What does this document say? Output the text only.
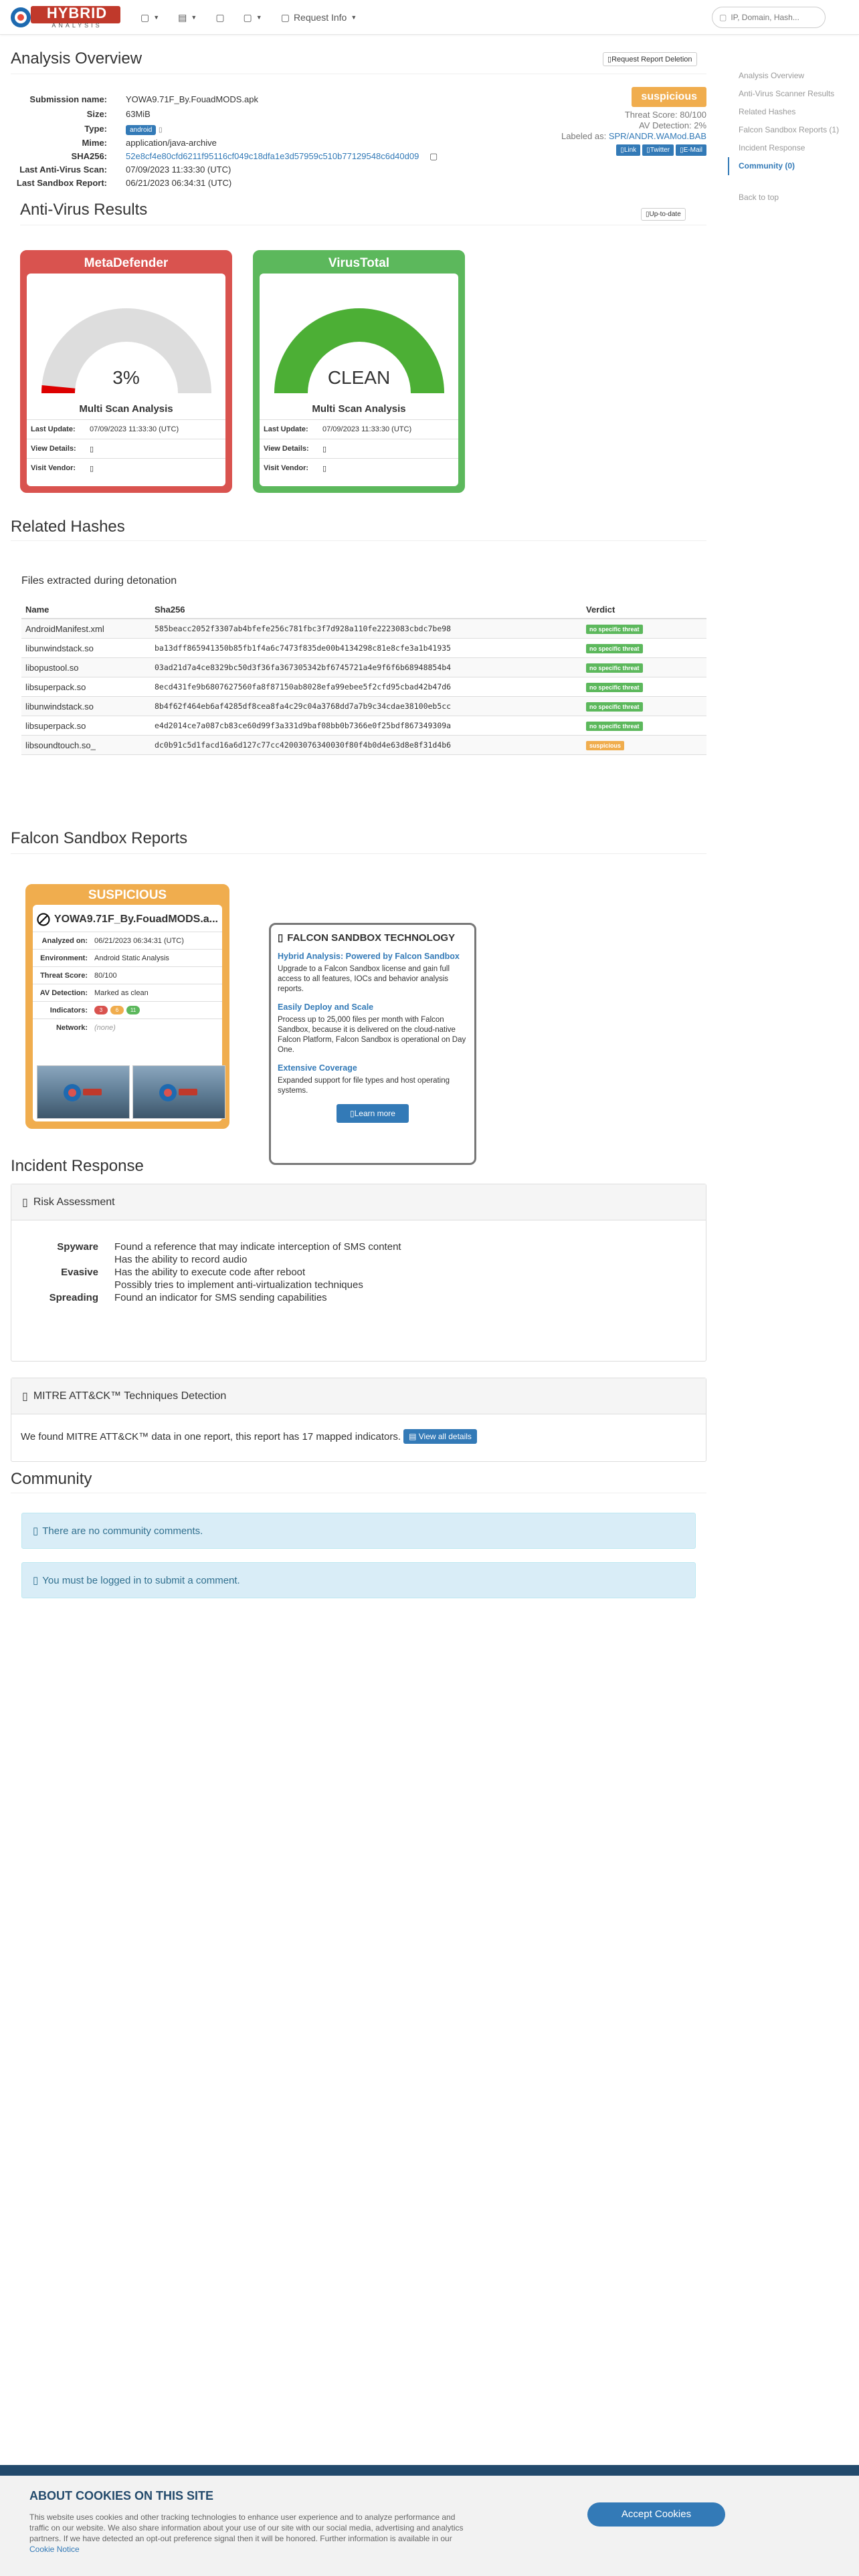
HYBRID
ANALYSIS
▢ ▼ ▤ ▼ ▢ ▢ ▼ ▢ Request Info ▼	▢
IP, Domain, Hash...
Analysis Overview	▯Request Report Deletion
Submission name:	YOWA9.71F_By.FouadMODS.apk
Size:	63MiB
Type:	android ▯
Mime:	application/java-archive
SHA256:	52e8cf4e80cfd6211f95116cf049c18dfa1e3d57959c510b77129548c6d40d09 ▢
Last Anti-Virus Scan:	07/09/2023 11:33:30 (UTC)
Last Sandbox Report:	06/21/2023 06:34:31 (UTC)
suspicious
Threat Score: 80/100
AV Detection: 2%
Labeled as: SPR/ANDR.WAMod.BAB
▯Link	▯Twitter	▯E-Mail
Anti-Virus Results	▯Up-to-date
MetaDefender
3%
Multi Scan Analysis
Last Update:	07/09/2023 11:33:30 (UTC)
View Details:	▯
Visit Vendor:	▯
VirusTotal
CLEAN
Multi Scan Analysis
Last Update:	07/09/2023 11:33:30 (UTC)
View Details:	▯
Visit Vendor:	▯
Related Hashes
Files extracted during detonation
Name	Sha256	Verdict
AndroidManifest.xml	585beacc2052f3307ab4bfefe256c781fbc3f7d928a110fe2223083cbdc7be98	no specific threat
libunwindstack.so	ba13dff865941350b85fb1f4a6c7473f835de00b4134298c81e8cfe3a1b41935	no specific threat
libopustool.so	03ad21d7a4ce8329bc50d3f36fa367305342bf6745721a4e9f6f6b68948854b4	no specific threat
libsuperpack.so	8ecd431fe9b6807627560fa8f87150ab8028efa99ebee5f2cfd95cbad42b47d6	no specific threat
libunwindstack.so	8b4f62f464eb6af4285df8cea8fa4c29c04a3768dd7a7b9c34cdae38100eb5cc	no specific threat
libsuperpack.so	e4d2014ce7a087cb83ce60d99f3a331d9baf08bb0b7366e0f25bdf867349309a	no specific threat
libsoundtouch.so_	dc0b91c5d1facd16a6d127c77cc42003076340030f80f4b0d4e63d8e8f31d4b6	suspicious
Falcon Sandbox Reports
SUSPICIOUS
YOWA9.71F_By.FouadMODS.a...
Analyzed on: 06/21/2023 06:34:31 (UTC)
Environment: Android Static Analysis
Threat Score: 80/100
AV Detection: Marked as clean
Indicators:	3	6	11
Network: (none)
▯ FALCON SANDBOX TECHNOLOGY
Hybrid Analysis: Powered by Falcon Sandbox
Upgrade to a Falcon Sandbox license and gain full access to all features, IOCs and behavior analysis reports.
Easily Deploy and Scale
Process up to 25,000 files per month with Falcon Sandbox, because it is delivered on the cloud-native Falcon Platform, Falcon Sandbox is operational on Day One.
Extensive Coverage
Expanded support for file types and host operating systems.
▯Learn more
Incident Response
▯ Risk Assessment
Spyware	Found a reference that may indicate interception of SMS content
Has the ability to record audio
Evasive	Has the ability to execute code after reboot
Possibly tries to implement anti-virtualization techniques
Spreading	Found an indicator for SMS sending capabilities
▯ MITRE ATT&CK™ Techniques Detection
We found MITRE ATT&CK™ data in one report, this report has 17 mapped indicators.	▤ View all details
Community
▯ There are no community comments.
▯ You must be logged in to submit a comment.
Analysis Overview
Anti-Virus Scanner Results
Related Hashes
Falcon Sandbox Reports (1)
Incident Response
Community (0)
Back to top
ABOUT COOKIES ON THIS SITE
This website uses cookies and other tracking technologies to enhance user experience and to analyze performance and traffic on our website. We also share information about your use of our site with our social media, advertising and analytics partners. If we have detected an opt-out preference signal then it will be honored. Further information is available in our Cookie Notice
Accept Cookies
